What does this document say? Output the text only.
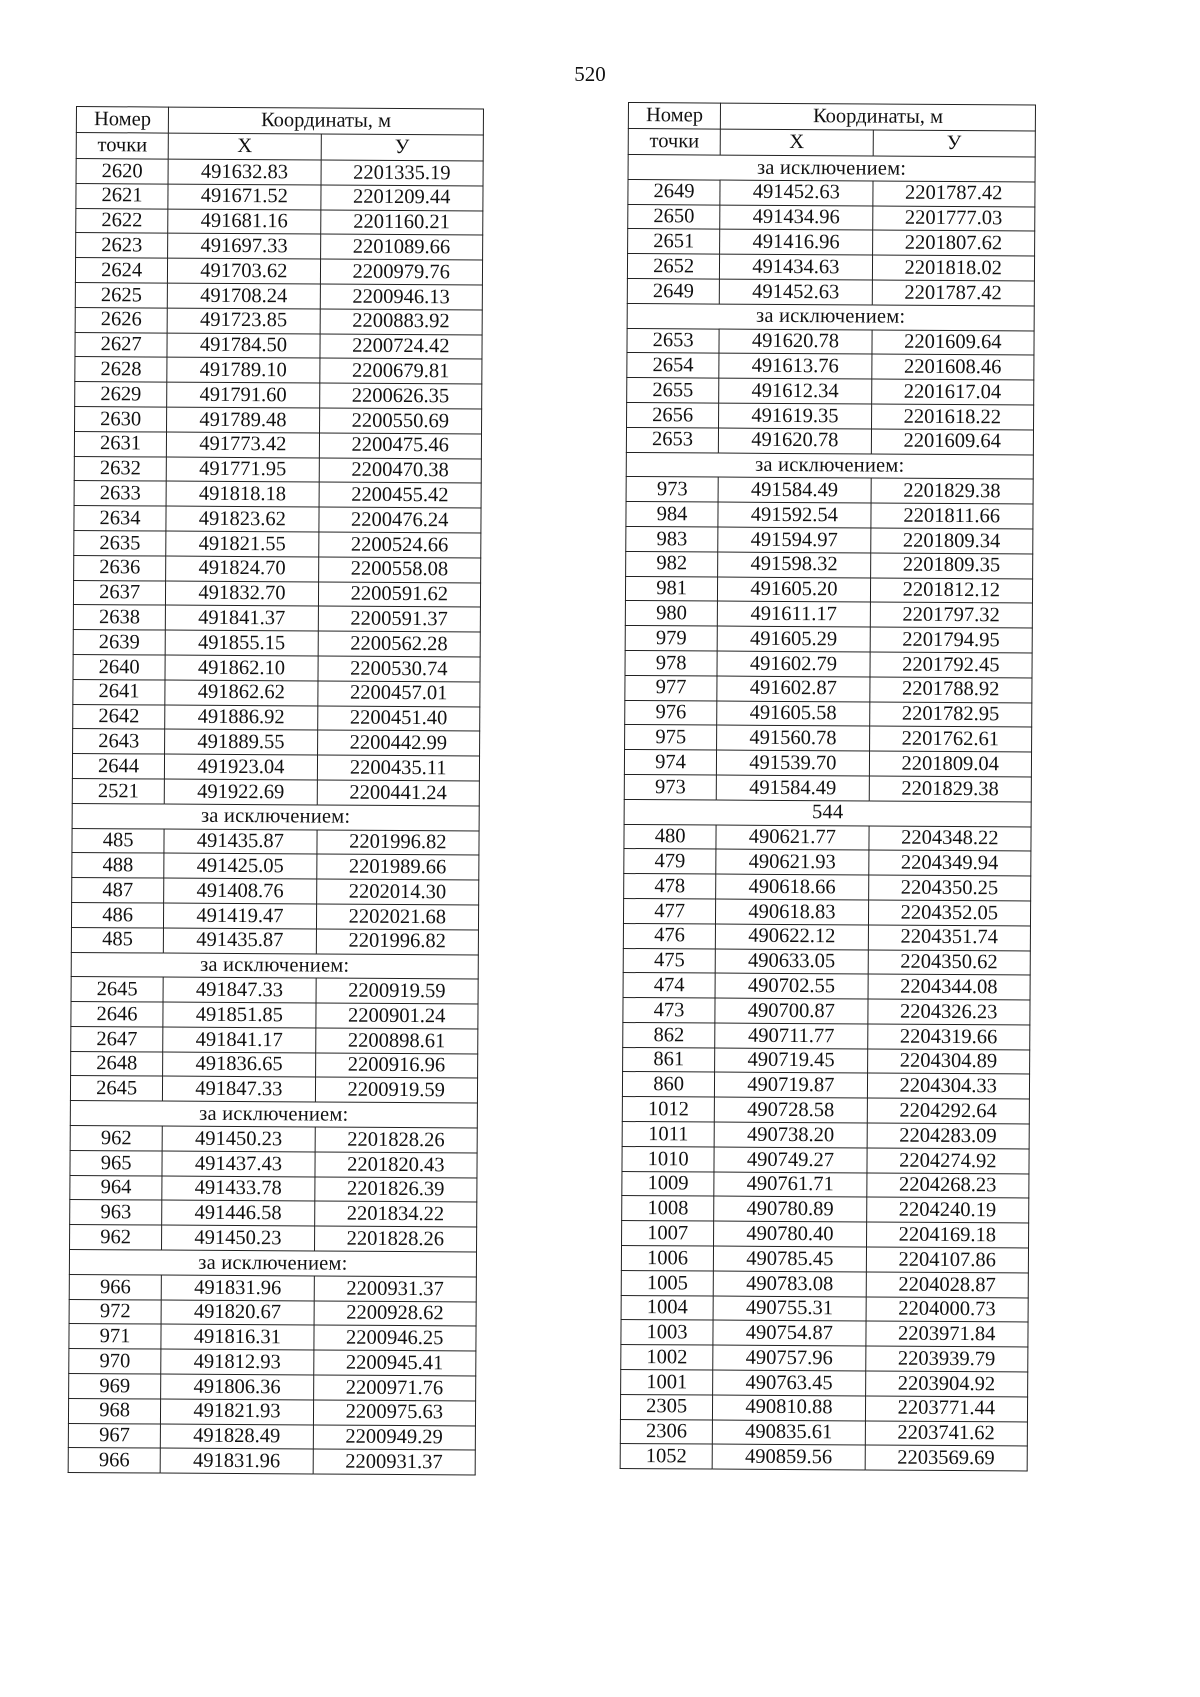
520
Номер	Координаты, м	
точки	Х	У
2620	491632.83	2201335.19
2621	491671.52	2201209.44
2622	491681.16	2201160.21
2623	491697.33	2201089.66
2624	491703.62	2200979.76
2625	491708.24	2200946.13
2626	491723.85	2200883.92
2627	491784.50	2200724.42
2628	491789.10	2200679.81
2629	491791.60	2200626.35
2630	491789.48	2200550.69
2631	491773.42	2200475.46
2632	491771.95	2200470.38
2633	491818.18	2200455.42
2634	491823.62	2200476.24
2635	491821.55	2200524.66
2636	491824.70	2200558.08
2637	491832.70	2200591.62
2638	491841.37	2200591.37
2639	491855.15	2200562.28
2640	491862.10	2200530.74
2641	491862.62	2200457.01
2642	491886.92	2200451.40
2643	491889.55	2200442.99
2644	491923.04	2200435.11
2521	491922.69	2200441.24
за исключением:		
485	491435.87	2201996.82
488	491425.05	2201989.66
487	491408.76	2202014.30
486	491419.47	2202021.68
485	491435.87	2201996.82
за исключением:		
2645	491847.33	2200919.59
2646	491851.85	2200901.24
2647	491841.17	2200898.61
2648	491836.65	2200916.96
2645	491847.33	2200919.59
за исключением:		
962	491450.23	2201828.26
965	491437.43	2201820.43
964	491433.78	2201826.39
963	491446.58	2201834.22
962	491450.23	2201828.26
за исключением:		
966	491831.96	2200931.37
972	491820.67	2200928.62
971	491816.31	2200946.25
970	491812.93	2200945.41
969	491806.36	2200971.76
968	491821.93	2200975.63
967	491828.49	2200949.29
966	491831.96	2200931.37
Номер	Координаты, м	
точки	Х	У
за исключением:		
2649	491452.63	2201787.42
2650	491434.96	2201777.03
2651	491416.96	2201807.62
2652	491434.63	2201818.02
2649	491452.63	2201787.42
за исключением:		
2653	491620.78	2201609.64
2654	491613.76	2201608.46
2655	491612.34	2201617.04
2656	491619.35	2201618.22
2653	491620.78	2201609.64
за исключением:		
973	491584.49	2201829.38
984	491592.54	2201811.66
983	491594.97	2201809.34
982	491598.32	2201809.35
981	491605.20	2201812.12
980	491611.17	2201797.32
979	491605.29	2201794.95
978	491602.79	2201792.45
977	491602.87	2201788.92
976	491605.58	2201782.95
975	491560.78	2201762.61
974	491539.70	2201809.04
973	491584.49	2201829.38
544		
480	490621.77	2204348.22
479	490621.93	2204349.94
478	490618.66	2204350.25
477	490618.83	2204352.05
476	490622.12	2204351.74
475	490633.05	2204350.62
474	490702.55	2204344.08
473	490700.87	2204326.23
862	490711.77	2204319.66
861	490719.45	2204304.89
860	490719.87	2204304.33
1012	490728.58	2204292.64
1011	490738.20	2204283.09
1010	490749.27	2204274.92
1009	490761.71	2204268.23
1008	490780.89	2204240.19
1007	490780.40	2204169.18
1006	490785.45	2204107.86
1005	490783.08	2204028.87
1004	490755.31	2204000.73
1003	490754.87	2203971.84
1002	490757.96	2203939.79
1001	490763.45	2203904.92
2305	490810.88	2203771.44
2306	490835.61	2203741.62
1052	490859.56	2203569.69
